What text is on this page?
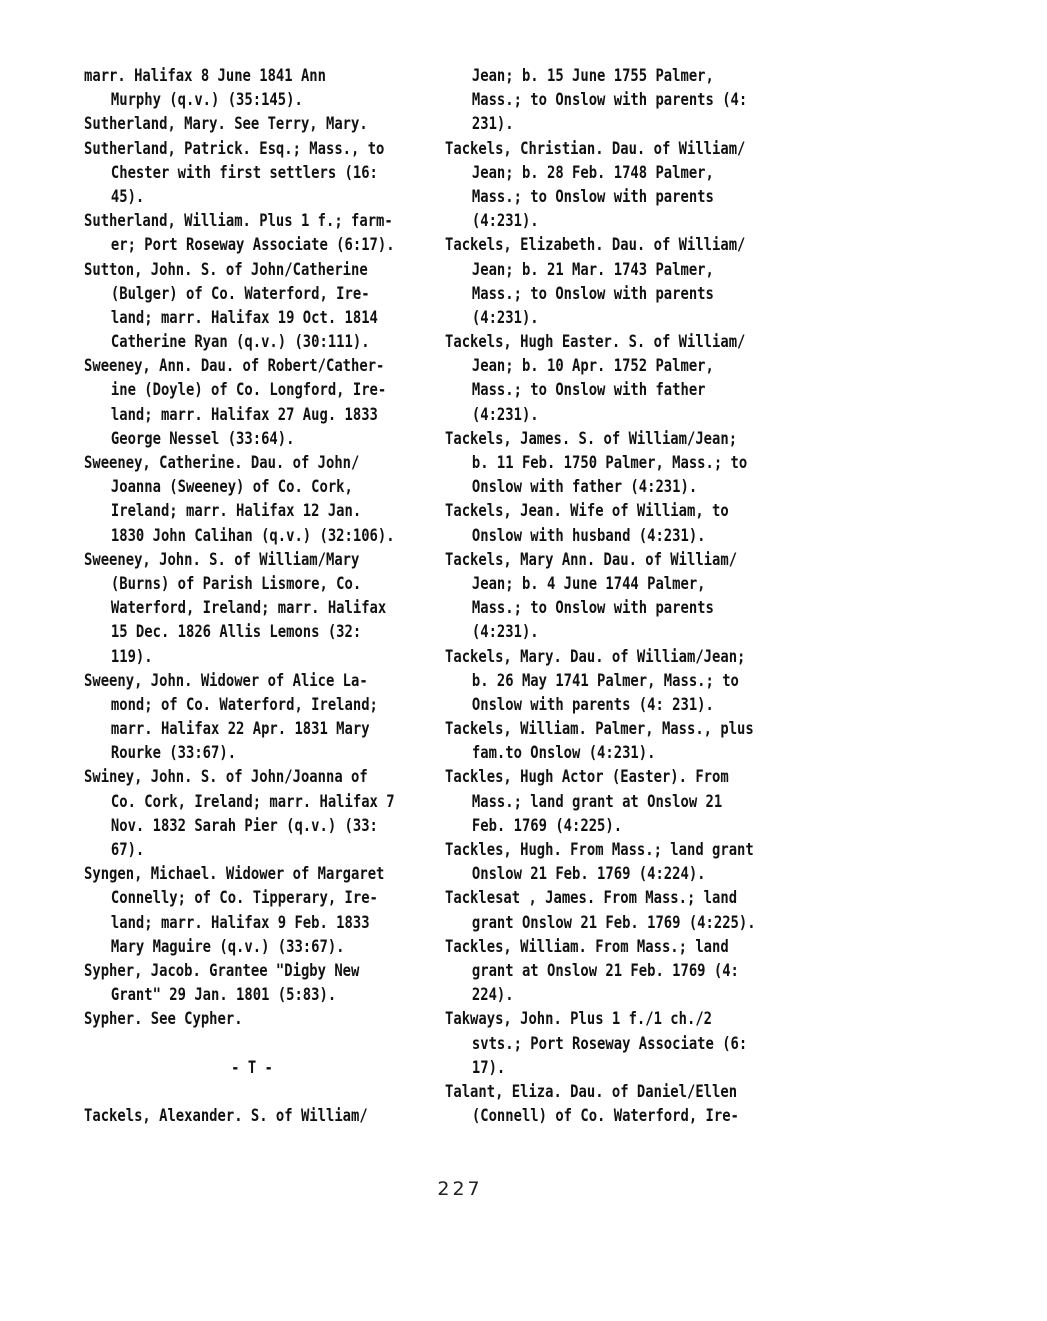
marr. Halifax 8 June 1841 Ann
Murphy (q.v.) (35:145).
Sutherland, Mary. See Terry, Mary.
Sutherland, Patrick. Esq.; Mass., to
Chester with first settlers (16:
45).
Sutherland, William. Plus 1 f.; farm-
er; Port Roseway Associate (6:17).
Sutton, John. S. of John/Catherine
(Bulger) of Co. Waterford, Ire-
land; marr. Halifax 19 Oct. 1814
Catherine Ryan (q.v.) (30:111).
Sweeney, Ann. Dau. of Robert/Cather-
ine (Doyle) of Co. Longford, Ire-
land; marr. Halifax 27 Aug. 1833
George Nessel (33:64).
Sweeney, Catherine. Dau. of John/
Joanna (Sweeney) of Co. Cork,
Ireland; marr. Halifax 12 Jan.
1830 John Calihan (q.v.) (32:106).
Sweeney, John. S. of William/Mary
(Burns) of Parish Lismore, Co.
Waterford, Ireland; marr. Halifax
15 Dec. 1826 Allis Lemons (32:
119).
Sweeny, John. Widower of Alice La-
mond; of Co. Waterford, Ireland;
marr. Halifax 22 Apr. 1831 Mary
Rourke (33:67).
Swiney, John. S. of John/Joanna of
Co. Cork, Ireland; marr. Halifax 7
Nov. 1832 Sarah Pier (q.v.) (33:
67).
Syngen, Michael. Widower of Margaret
Connelly; of Co. Tipperary, Ire-
land; marr. Halifax 9 Feb. 1833
Mary Maguire (q.v.) (33:67).
Sypher, Jacob. Grantee "Digby New
Grant" 29 Jan. 1801 (5:83).
Sypher. See Cypher.
- T -
Tackels, Alexander. S. of William/
Jean; b. 15 June 1755 Palmer,
Mass.; to Onslow with parents (4:
231).
Tackels, Christian. Dau. of William/
Jean; b. 28 Feb. 1748 Palmer,
Mass.; to Onslow with parents
(4:231).
Tackels, Elizabeth. Dau. of William/
Jean; b. 21 Mar. 1743 Palmer,
Mass.; to Onslow with parents
(4:231).
Tackels, Hugh Easter. S. of William/
Jean; b. 10 Apr. 1752 Palmer,
Mass.; to Onslow with father
(4:231).
Tackels, James. S. of William/Jean;
b. 11 Feb. 1750 Palmer, Mass.; to
Onslow with father (4:231).
Tackels, Jean. Wife of William, to
Onslow with husband (4:231).
Tackels, Mary Ann. Dau. of William/
Jean; b. 4 June 1744 Palmer,
Mass.; to Onslow with parents
(4:231).
Tackels, Mary. Dau. of William/Jean;
b. 26 May 1741 Palmer, Mass.; to
Onslow with parents (4: 231).
Tackels, William. Palmer, Mass., plus
fam.to Onslow (4:231).
Tackles, Hugh Actor (Easter). From
Mass.; land grant at Onslow 21
Feb. 1769 (4:225).
Tackles, Hugh. From Mass.; land grant
Onslow 21 Feb. 1769 (4:224).
Tacklesat , James. From Mass.; land
grant Onslow 21 Feb. 1769 (4:225).
Tackles, William. From Mass.; land
grant at Onslow 21 Feb. 1769 (4:
224).
Takways, John. Plus 1 f./1 ch./2
svts.; Port Roseway Associate (6:
17).
Talant, Eliza. Dau. of Daniel/Ellen
(Connell) of Co. Waterford, Ire-
227
